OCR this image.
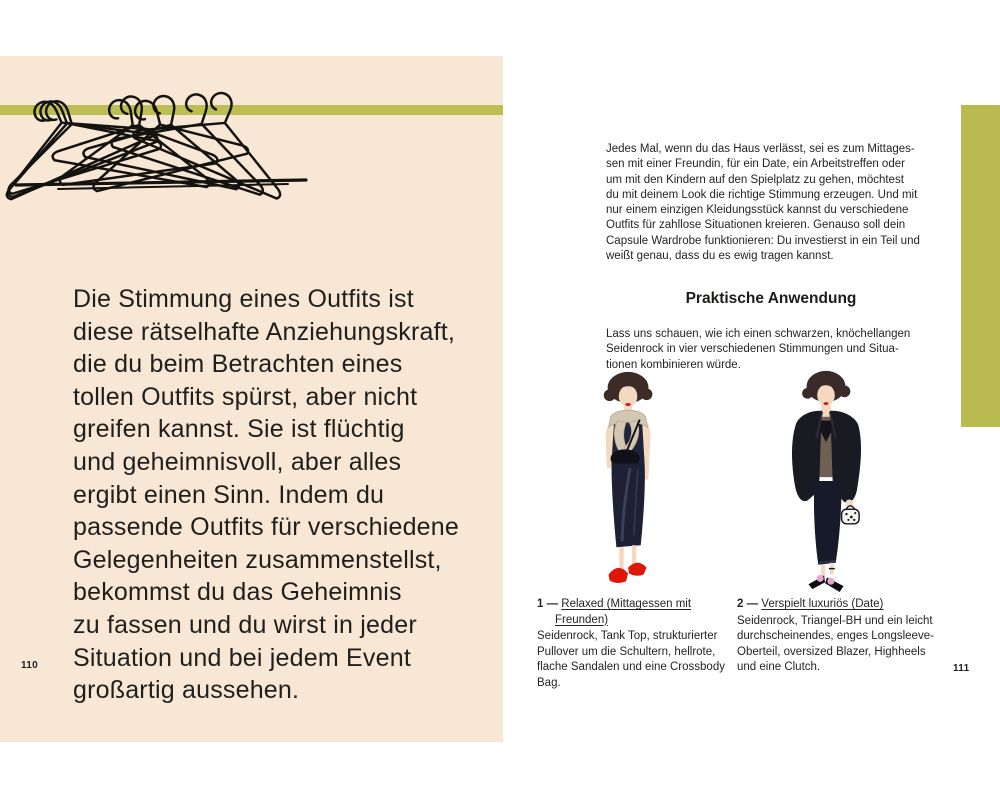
Die Stimmung eines Outfits ist
diese rätselhafte Anziehungskraft,
die du beim Betrachten eines
tollen Outfits spürst, aber nicht
greifen kannst. Sie ist flüchtig
und geheimnisvoll, aber alles
ergibt einen Sinn. Indem du
passende Outfits für verschiedene
Gelegenheiten zusammenstellst,
bekommst du das Geheimnis
zu fassen und du wirst in jeder
Situation und bei jedem Event
großartig aussehen.
110
Jedes Mal, wenn du das Haus verlässt, sei es zum Mittages-
sen mit einer Freundin, für ein Date, ein Arbeitstreffen oder
um mit den Kindern auf den Spielplatz zu gehen, möchtest
du mit deinem Look die richtige Stimmung erzeugen. Und mit
nur einem einzigen Kleidungsstück kannst du verschiedene
Outfits für zahllose Situationen kreieren. Genauso soll dein
Capsule Wardrobe funktionieren: Du investierst in ein Teil und
weißt genau, dass du es ewig tragen kannst.
Praktische Anwendung
Lass uns schauen, wie ich einen schwarzen, knöchellangen
Seidenrock in vier verschiedenen Stimmungen und Situa-
tionen kombinieren würde.
1 — Relaxed (Mittagessen mit Freunden)
Seidenrock, Tank Top, strukturierter Pullover um die Schultern, hellrote, flache Sandalen und eine Crossbody Bag.
2 — Verspielt luxuriös (Date)
Seidenrock, Triangel-BH und ein leicht durchscheinendes, enges Longsleeve-Oberteil, oversized Blazer, Highheels und eine Clutch.	111
